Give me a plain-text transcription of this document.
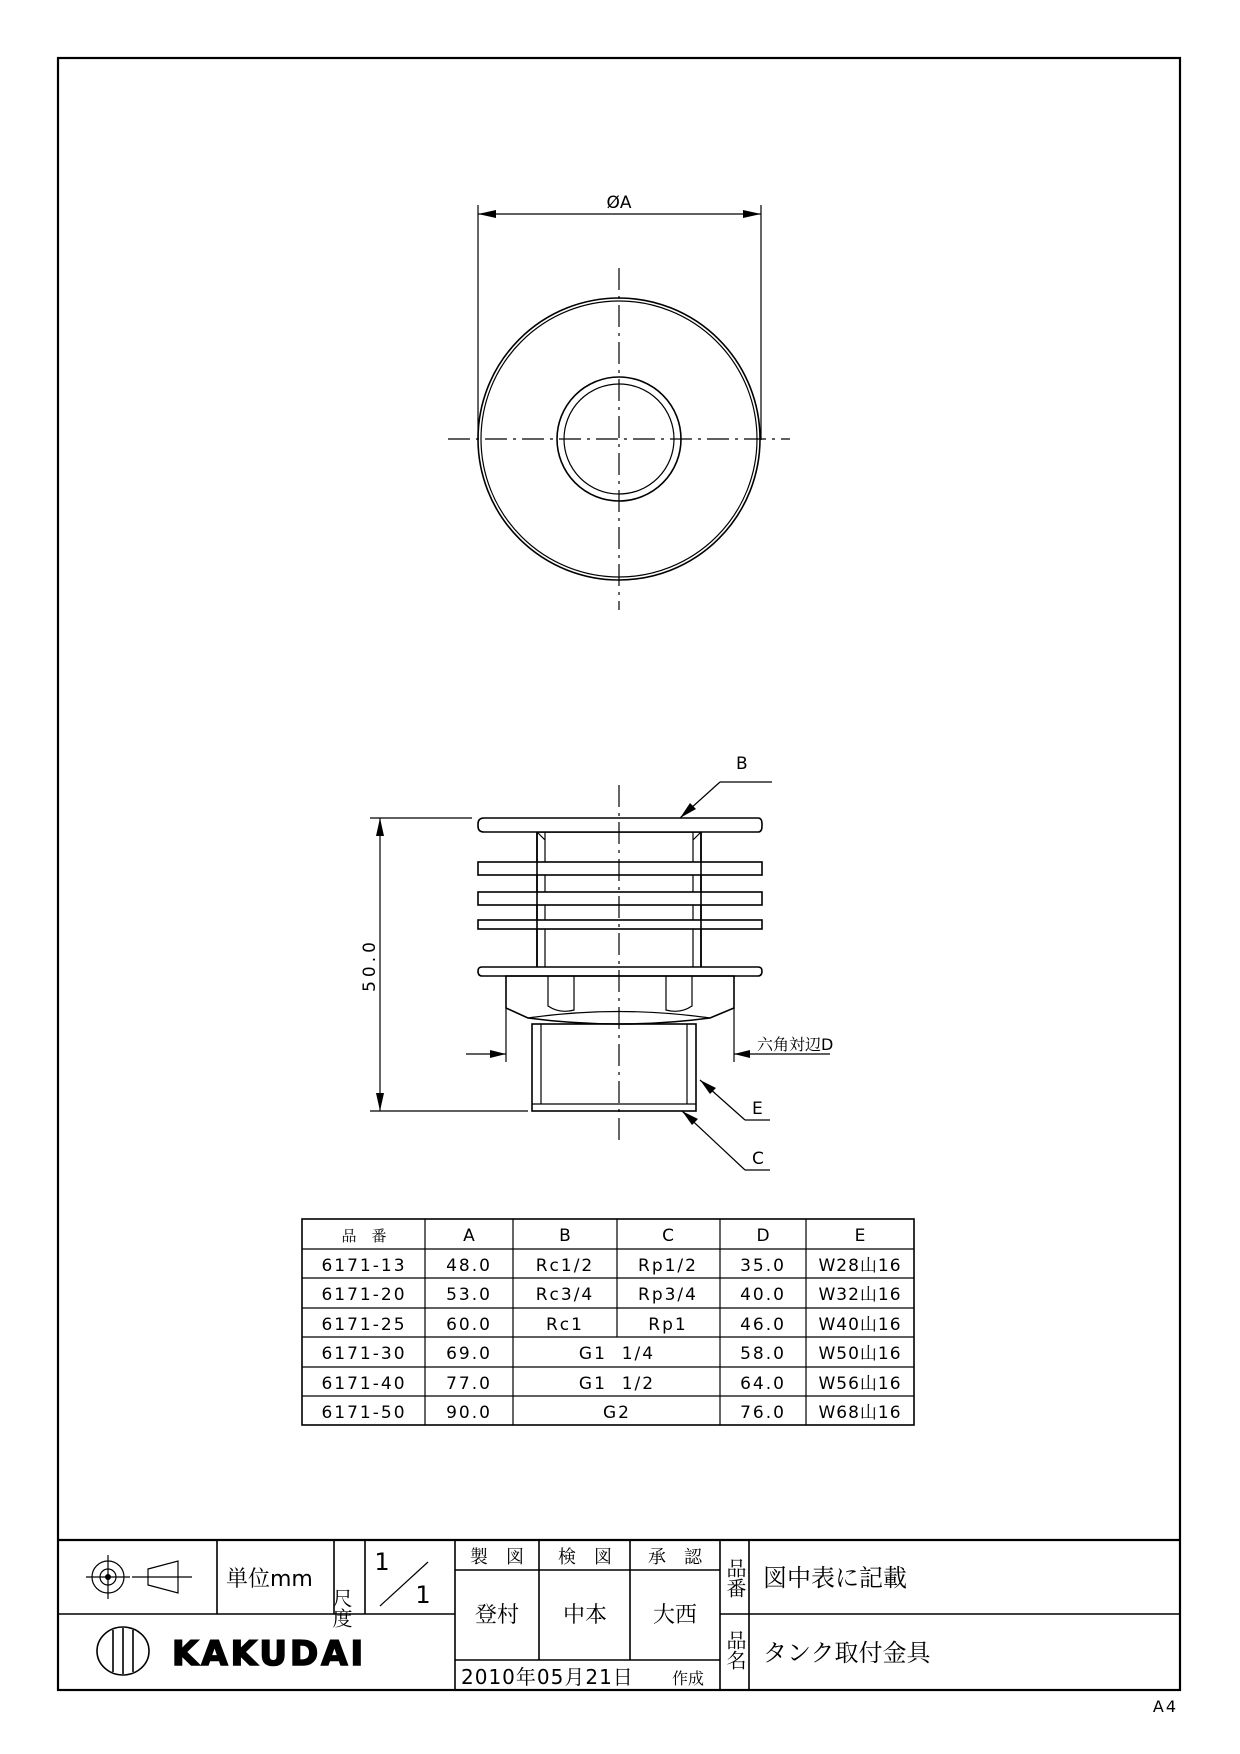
ØA
50.0
B
六角対辺D
E
C
品　番	A	B	C	D	E
6171-13 48.0	Rc1/2	Rp1/2 35.0 W28山16
6171-20 53.0	Rc3/4	Rp3/4 40.0 W32山16
6171-25 60.0	Rc1	Rp1	46.0 W40山16
6171-30 69.0	G1  1/4	58.0 W50山16
6171-40 77.0	G1  1/2	64.0 W56山16
6171-50 90.0	G2	76.0 W68山16
単位mm
尺度
1
1
製　図 検　図 承　認
登村 中本 大西
2010年05月21日 作成
品番 図中表に記載
品名 タンク取付金具
KAKUDAI
A4
